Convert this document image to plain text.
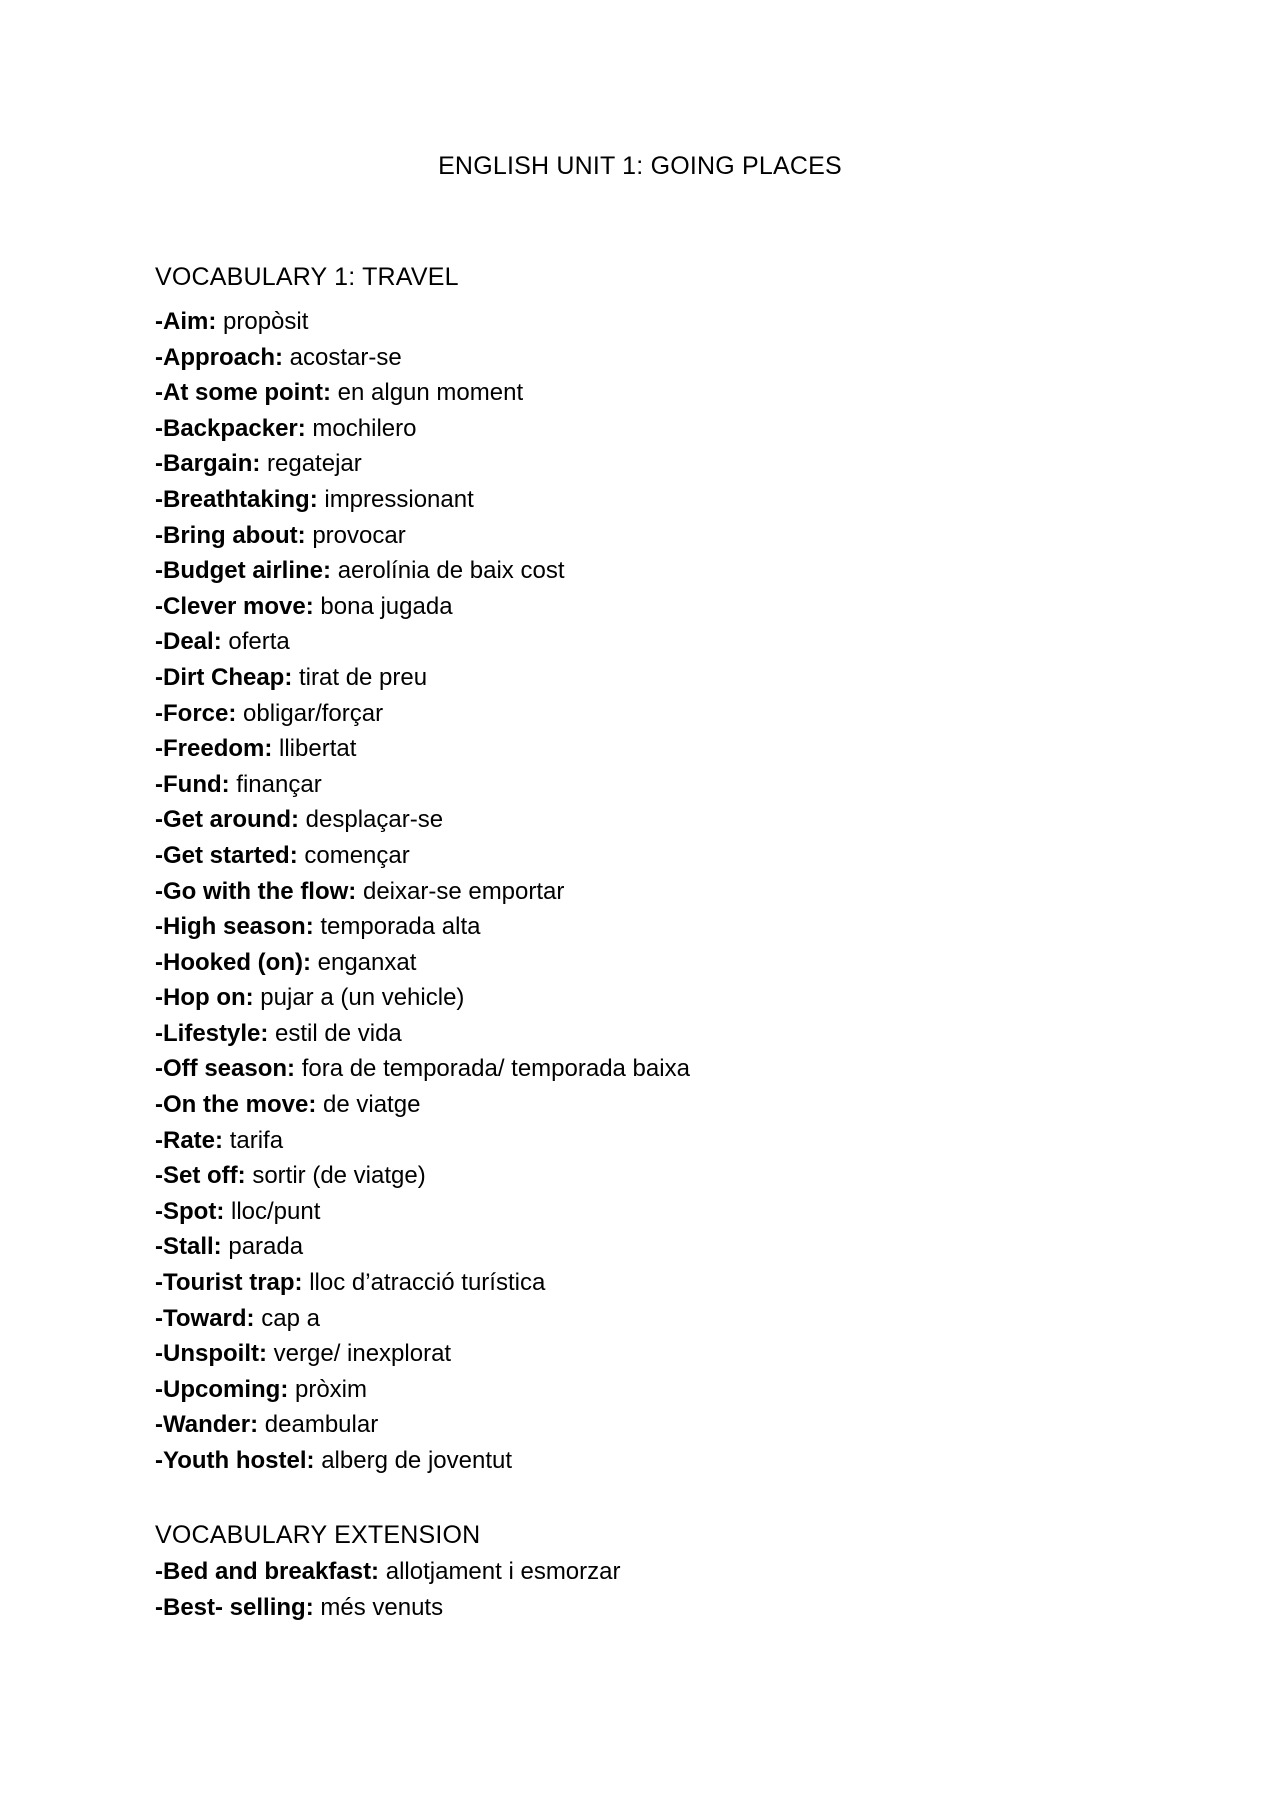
ENGLISH UNIT 1: GOING PLACES
VOCABULARY 1: TRAVEL
-Aim: propòsit
-Approach: acostar-se
-At some point: en algun moment
-Backpacker: mochilero
-Bargain: regatejar
-Breathtaking: impressionant
-Bring about: provocar
-Budget airline: aerolínia de baix cost
-Clever move: bona jugada
-Deal: oferta
-Dirt Cheap: tirat de preu
-Force: obligar/forçar
-Freedom: llibertat
-Fund: finançar
-Get around: desplaçar-se
-Get started: començar
-Go with the flow: deixar-se emportar
-High season: temporada alta
-Hooked (on): enganxat
-Hop on: pujar a (un vehicle)
-Lifestyle: estil de vida
-Off season: fora de temporada/ temporada baixa
-On the move: de viatge
-Rate: tarifa
-Set off: sortir (de viatge)
-Spot: lloc/punt
-Stall: parada
-Tourist trap: lloc d’atracció turística
-Toward: cap a
-Unspoilt: verge/ inexplorat
-Upcoming: pròxim
-Wander: deambular
-Youth hostel: alberg de joventut
VOCABULARY EXTENSION
-Bed and breakfast: allotjament i esmorzar
-Best- selling: més venuts
